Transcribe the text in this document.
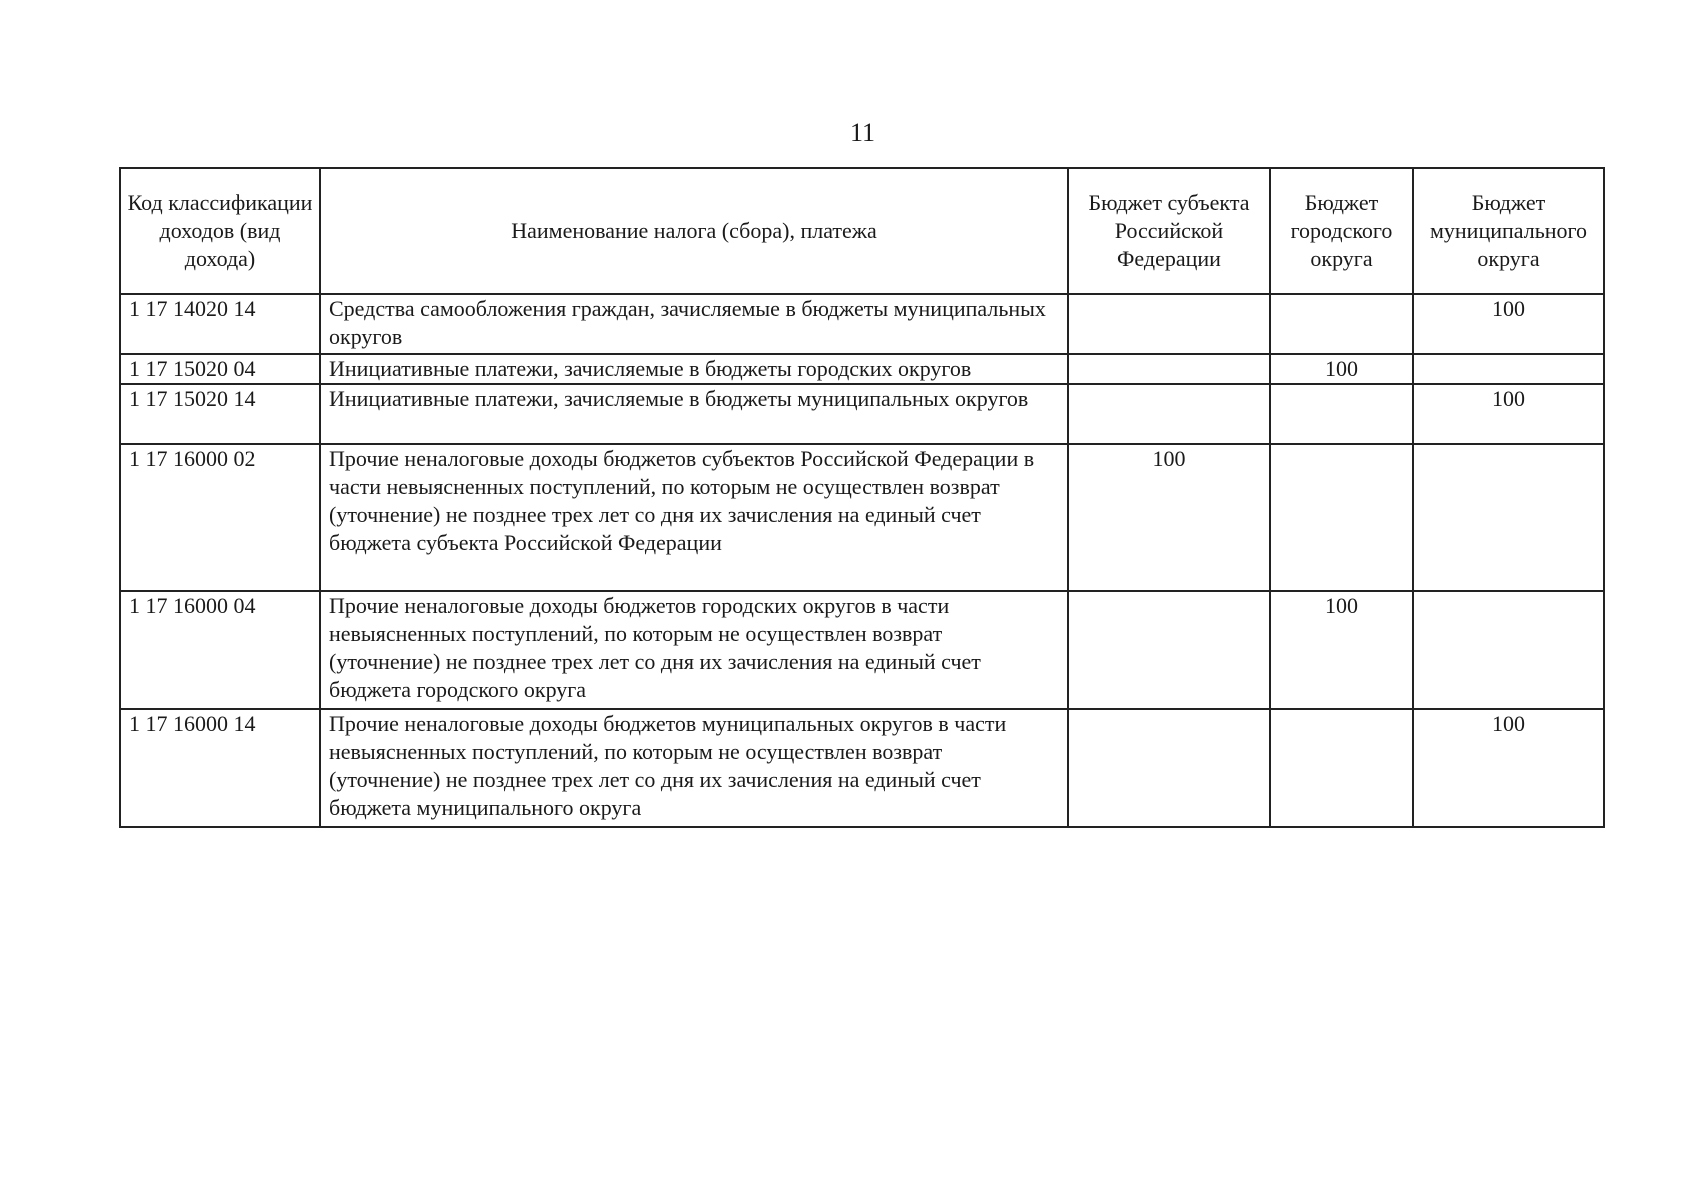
11
Код классификации доходов (вид дохода)	Наименование налога (сбора), платежа	Бюджет субъекта Российской Федерации	Бюджет городского округа	Бюджет муниципального округа
1 17 14020 14	Средства самообложения граждан, зачисляемые в бюджеты муниципальных округов			100
1 17 15020 04	Инициативные платежи, зачисляемые в бюджеты городских округов		100	
1 17 15020 14	Инициативные платежи, зачисляемые в бюджеты муниципальных округов			100
1 17 16000 02	Прочие неналоговые доходы бюджетов субъектов Российской Федерации в части невыясненных поступлений, по которым не осуществлен возврат (уточнение) не позднее трех лет со дня их зачисления на единый счет бюджета субъекта Российской Федерации	100		
1 17 16000 04	Прочие неналоговые доходы бюджетов городских округов в части невыясненных поступлений, по которым не осуществлен возврат (уточнение) не позднее трех лет со дня их зачисления на единый счет бюджета городского округа		100	
1 17 16000 14	Прочие неналоговые доходы бюджетов муниципальных округов в части невыясненных поступлений, по которым не осуществлен возврат (уточнение) не позднее трех лет со дня их зачисления на единый счет бюджета муниципального округа			100
